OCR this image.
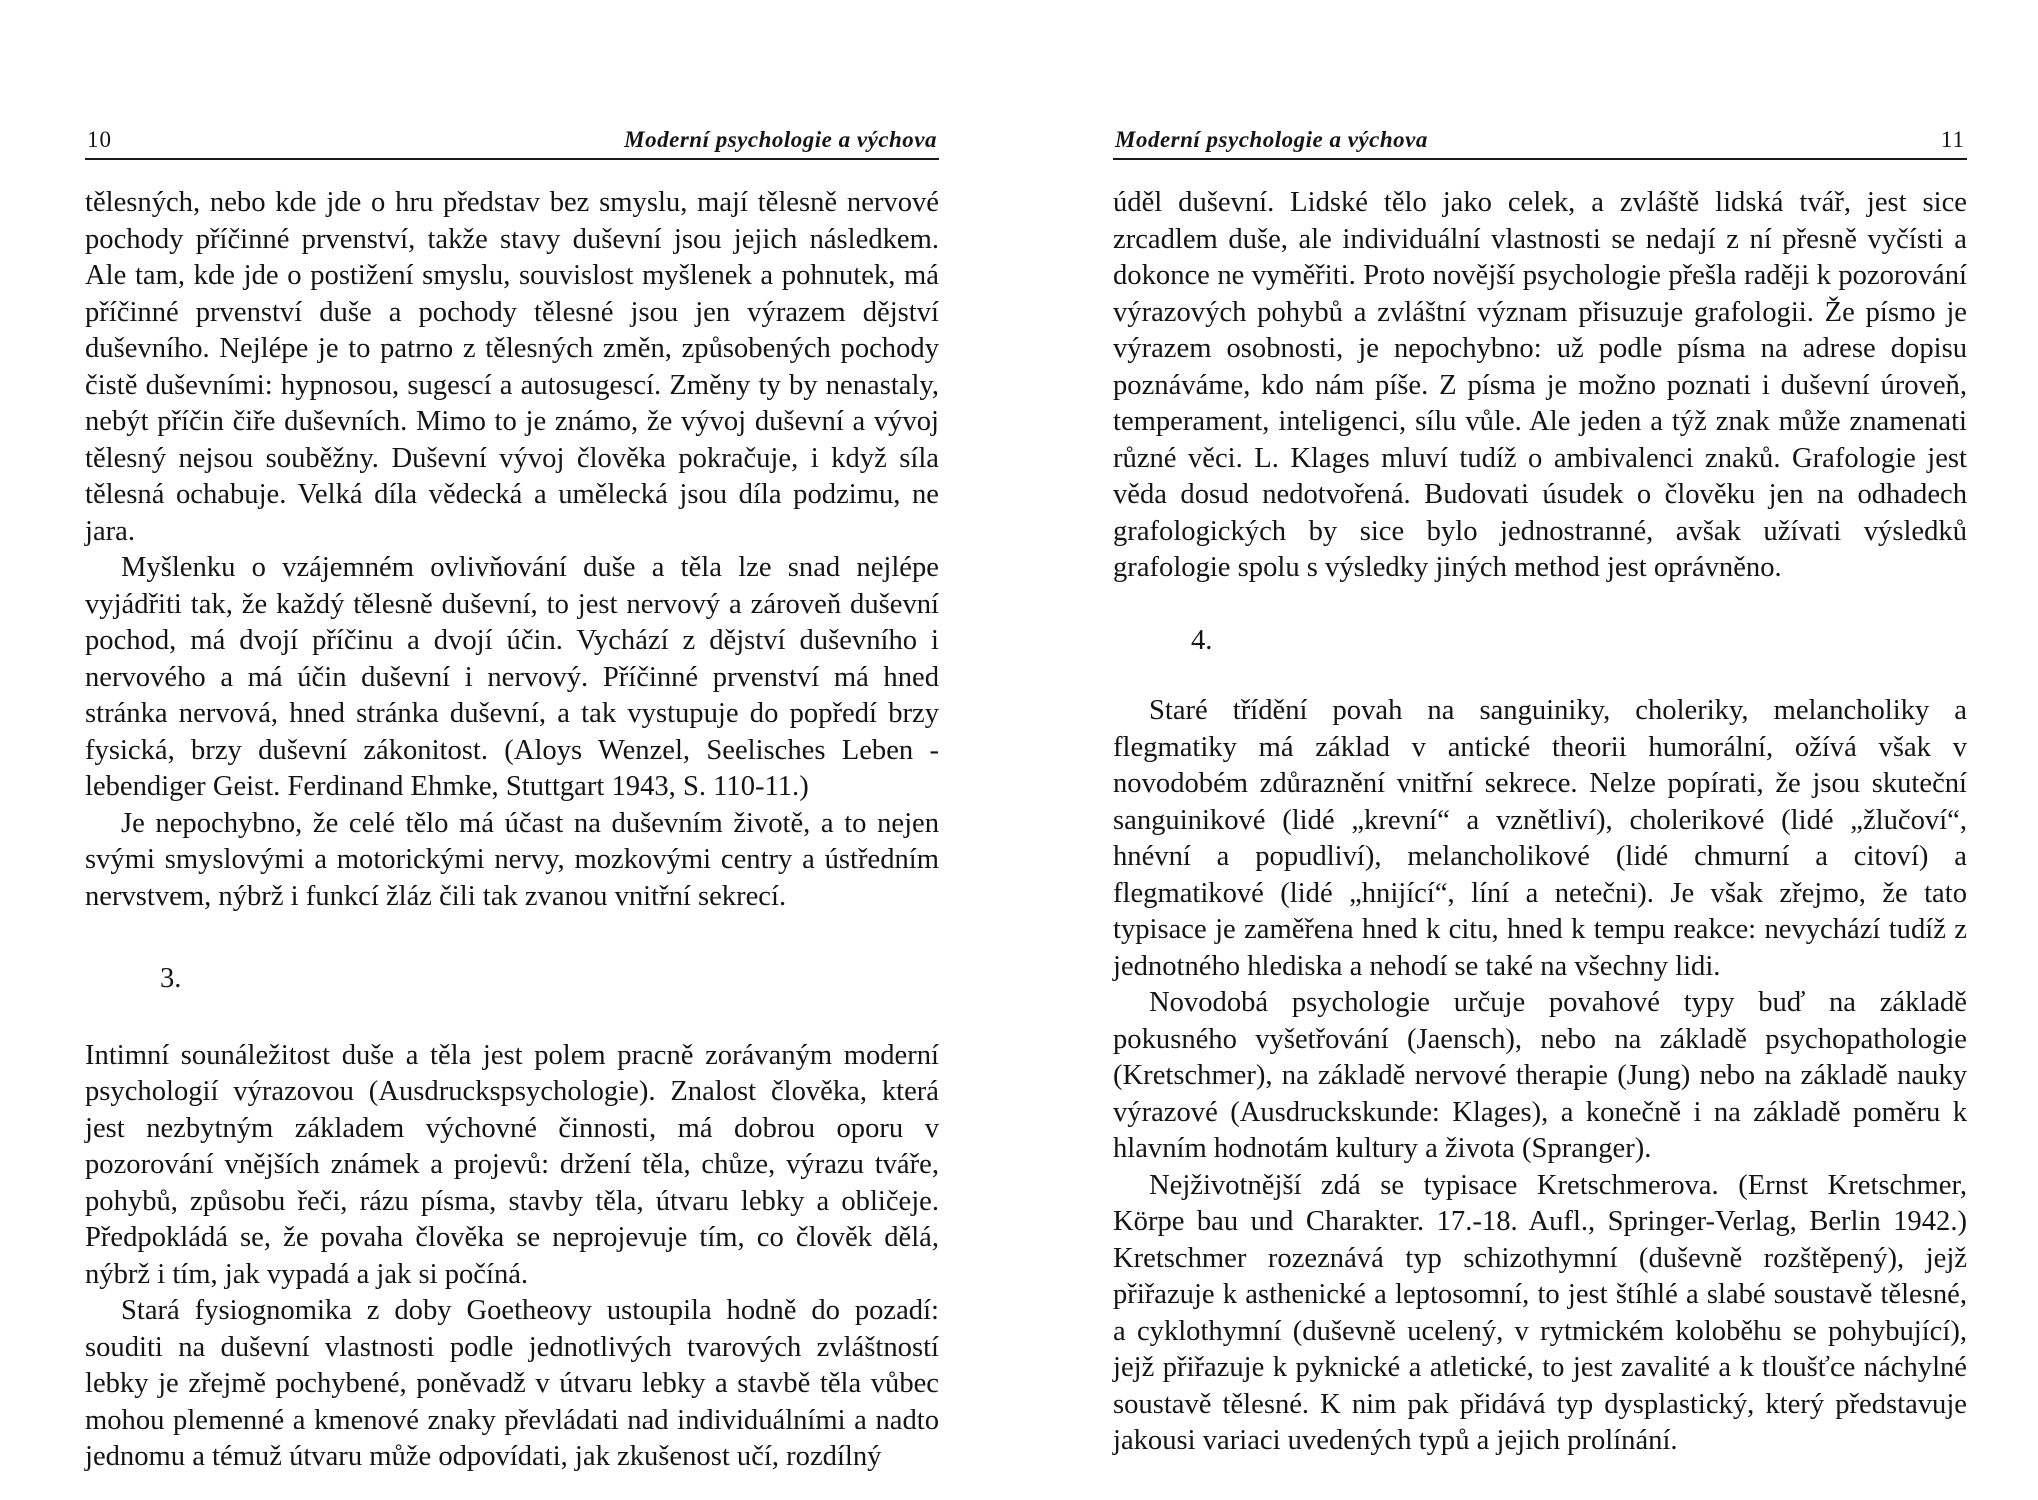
10	Moderní psychologie a výchova

tělesných, nebo kde jde o hru představ bez smyslu, mají tělesně nervové pochody příčinné prvenství, takže stavy duševní jsou jejich následkem. Ale tam, kde jde o postižení smyslu, souvislost myšlenek a pohnutek, má příčinné prvenství duše a pochody tělesné jsou jen výrazem dějství duševního. Nejlépe je to patrno z tělesných změn, způsobených pochody čistě duševními: hypnosou, sugescí a autosugescí. Změny ty by nenastaly, nebýt příčin čiře duševních. Mimo to je známo, že vývoj duševní a vývoj tělesný nejsou souběžny. Duševní vývoj člověka pokračuje, i když síla tělesná ochabuje. Velká díla vědecká a umělecká jsou díla podzimu, ne jara.

Myšlenku o vzájemném ovlivňování duše a těla lze snad nejlépe vyjádřiti tak, že každý tělesně duševní, to jest nervový a zároveň duševní pochod, má dvojí příčinu a dvojí účin. Vychází z dějství duševního i nervového a má účin duševní i nervový. Příčinné prvenství má hned stránka nervová, hned stránka duševní, a tak vystupuje do popředí brzy fysická, brzy duševní zákonitost. (Aloys Wenzel, Seelisches Leben - lebendiger Geist. Ferdinand Ehmke, Stuttgart 1943, S. 110-11.)

Je nepochybno, že celé tělo má účast na duševním životě, a to nejen svými smyslovými a motorickými nervy, mozkovými centry a ústředním nervstvem, nýbrž i funkcí žláz čili tak zvanou vnitřní sekrecí.

3.

Intimní sounáležitost duše a těla jest polem pracně zorávaným moderní psychologií výrazovou (Ausdruckspsychologie). Znalost člověka, která jest nezbytným základem výchovné činnosti, má dobrou oporu v pozorování vnějších známek a projevů: držení těla, chůze, výrazu tváře, pohybů, způsobu řeči, rázu písma, stavby těla, útvaru lebky a obličeje. Předpokládá se, že povaha člověka se neprojevuje tím, co člověk dělá, nýbrž i tím, jak vypadá a jak si počíná.

Stará fysiognomika z doby Goetheovy ustoupila hodně do pozadí: souditi na duševní vlastnosti podle jednotlivých tvarových zvláštností lebky je zřejmě pochybené, poněvadž v útvaru lebky a stavbě těla vůbec mohou plemenné a kmenové znaky převládati nad individuálními a nadto jednomu a témuž útvaru může odpovídati, jak zkušenost učí, rozdílný

Moderní psychologie a výchova	11

úděl duševní. Lidské tělo jako celek, a zvláště lidská tvář, jest sice zrcadlem duše, ale individuální vlastnosti se nedají z ní přesně vyčísti a dokonce ne vyměřiti. Proto novější psychologie přešla raději k pozorování výrazových pohybů a zvláštní význam přisuzuje grafologii. Že písmo je výrazem osobnosti, je nepochybno: už podle písma na adrese dopisu poznáváme, kdo nám píše. Z písma je možno poznati i duševní úroveň, temperament, inteligenci, sílu vůle. Ale jeden a týž znak může znamenati různé věci. L. Klages mluví tudíž o ambivalenci znaků. Grafologie jest věda dosud nedotvořená. Budovati úsudek o člověku jen na odhadech grafologických by sice bylo jednostranné, avšak užívati výsledků grafologie spolu s výsledky jiných method jest oprávněno.

4.

Staré třídění povah na sanguiniky, choleriky, melancholiky a flegmatiky má základ v antické theorii humorální, ožívá však v novodobém zdůraznění vnitřní sekrece. Nelze popírati, že jsou skuteční sanguinikové (lidé „krevní“ a vznětliví), cholerikové (lidé „žlučoví“, hnévní a popudliví), melancholikové (lidé chmurní a citoví) a flegmatikové (lidé „hnijící“, líní a netečni). Je však zřejmo, že tato typisace je zaměřena hned k citu, hned k tempu reakce: nevychází tudíž z jednotného hlediska a nehodí se také na všechny lidi.

Novodobá psychologie určuje povahové typy buď na základě pokusného vyšetřování (Jaensch), nebo na základě psychopathologie (Kretschmer), na základě nervové therapie (Jung) nebo na základě nauky výrazové (Ausdruckskunde: Klages), a konečně i na základě poměru k hlavním hodnotám kultury a života (Spranger).

Nejživotnější zdá se typisace Kretschmerova. (Ernst Kretschmer, Körpe bau und Charakter. 17.-18. Aufl., Springer-Verlag, Berlin 1942.) Kretschmer rozeznává typ schizothymní (duševně rozštěpený), jejž přiřazuje k asthenické a leptosomní, to jest štíhlé a slabé soustavě tělesné, a cyklothymní (duševně ucelený, v rytmickém koloběhu se pohybující), jejž přiřazuje k pyknické a atletické, to jest zavalité a k tloušťce náchylné soustavě tělesné. K nim pak přidává typ dysplastický, který představuje jakousi variaci uvedených typů a jejich prolínání.
